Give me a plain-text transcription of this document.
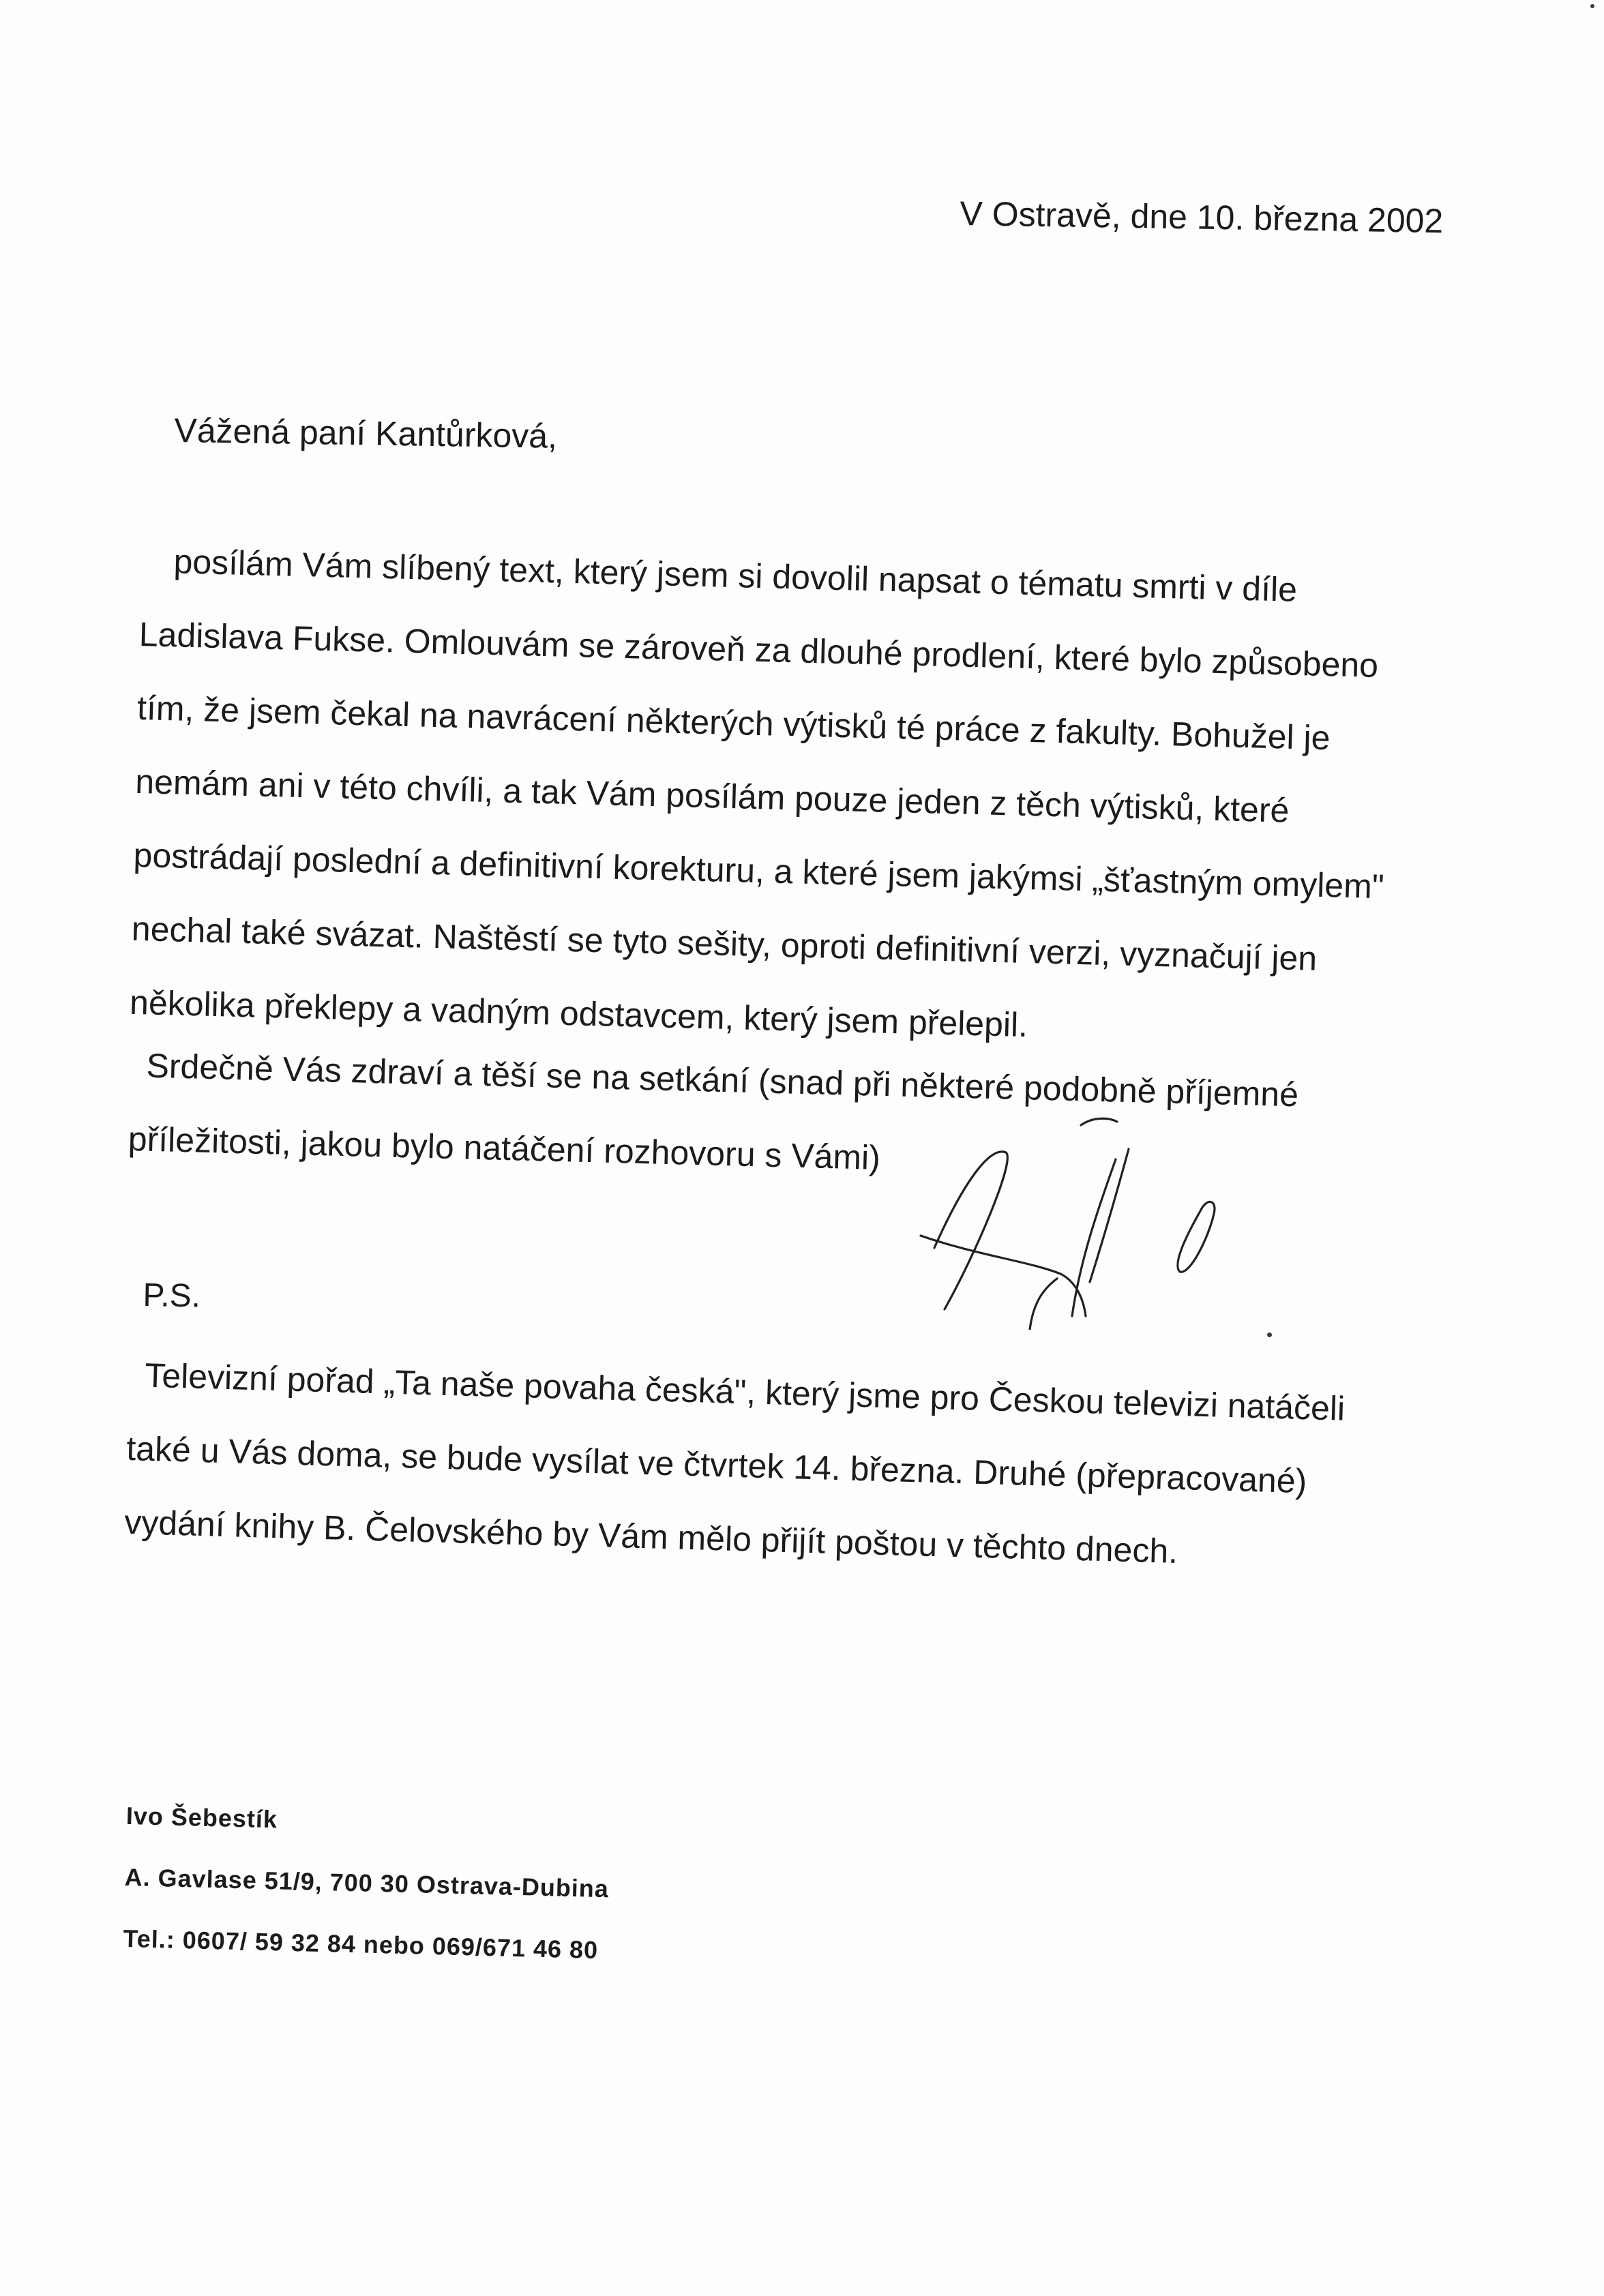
V Ostravě, dne 10. března 2002
Vážená paní Kantůrková,
posílám Vám slíbený text, který jsem si dovolil napsat o tématu smrti v díle
Ladislava Fukse. Omlouvám se zároveň za dlouhé prodlení, které bylo způsobeno
tím, že jsem čekal na navrácení některých výtisků té práce z fakulty. Bohužel je
nemám ani v této chvíli, a tak Vám posílám pouze jeden z těch výtisků, které
postrádají poslední a definitivní korekturu, a které jsem jakýmsi „šťastným omylem"
nechal také svázat. Naštěstí se tyto sešity, oproti definitivní verzi, vyznačují jen
několika překlepy a vadným odstavcem, který jsem přelepil.
Srdečně Vás zdraví a těší se na setkání (snad při některé podobně příjemné
příležitosti, jakou bylo natáčení rozhovoru s Vámi)
P.S.
Televizní pořad „Ta naše povaha česká", který jsme pro Českou televizi natáčeli
také u Vás doma, se bude vysílat ve čtvrtek 14. března. Druhé (přepracované)
vydání knihy B. Čelovského by Vám mělo přijít poštou v těchto dnech.
Ivo Šebestík
A. Gavlase 51/9, 700 30 Ostrava-Dubina
Tel.: 0607/ 59 32 84 nebo 069/671 46 80
